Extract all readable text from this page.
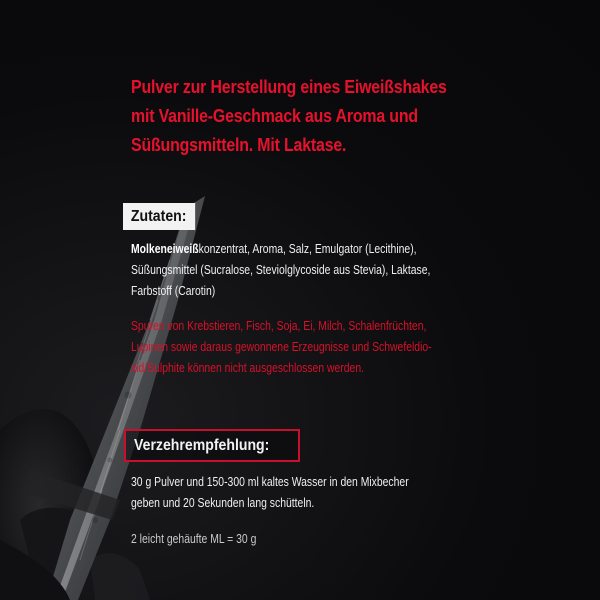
Pulver zur Herstellung eines Eiweißshakes
mit Vanille-Geschmack aus Aroma und
Süßungsmitteln. Mit Laktase.

Zutaten:

Molkeneiweißkonzentrat, Aroma, Salz, Emulgator (Lecithine),
Süßungsmittel (Sucralose, Steviolglycoside aus Stevia), Laktase,
Farbstoff (Carotin)

Spuren von Krebstieren, Fisch, Soja, Ei, Milch, Schalenfrüchten,
Lupinen sowie daraus gewonnene Erzeugnisse und Schwefeldio-
xid/Sulphite können nicht ausgeschlossen werden.

Verzehrempfehlung:

30 g Pulver und 150-300 ml kaltes Wasser in den Mixbecher
geben und 20 Sekunden lang schütteln.

2 leicht gehäufte ML = 30 g
